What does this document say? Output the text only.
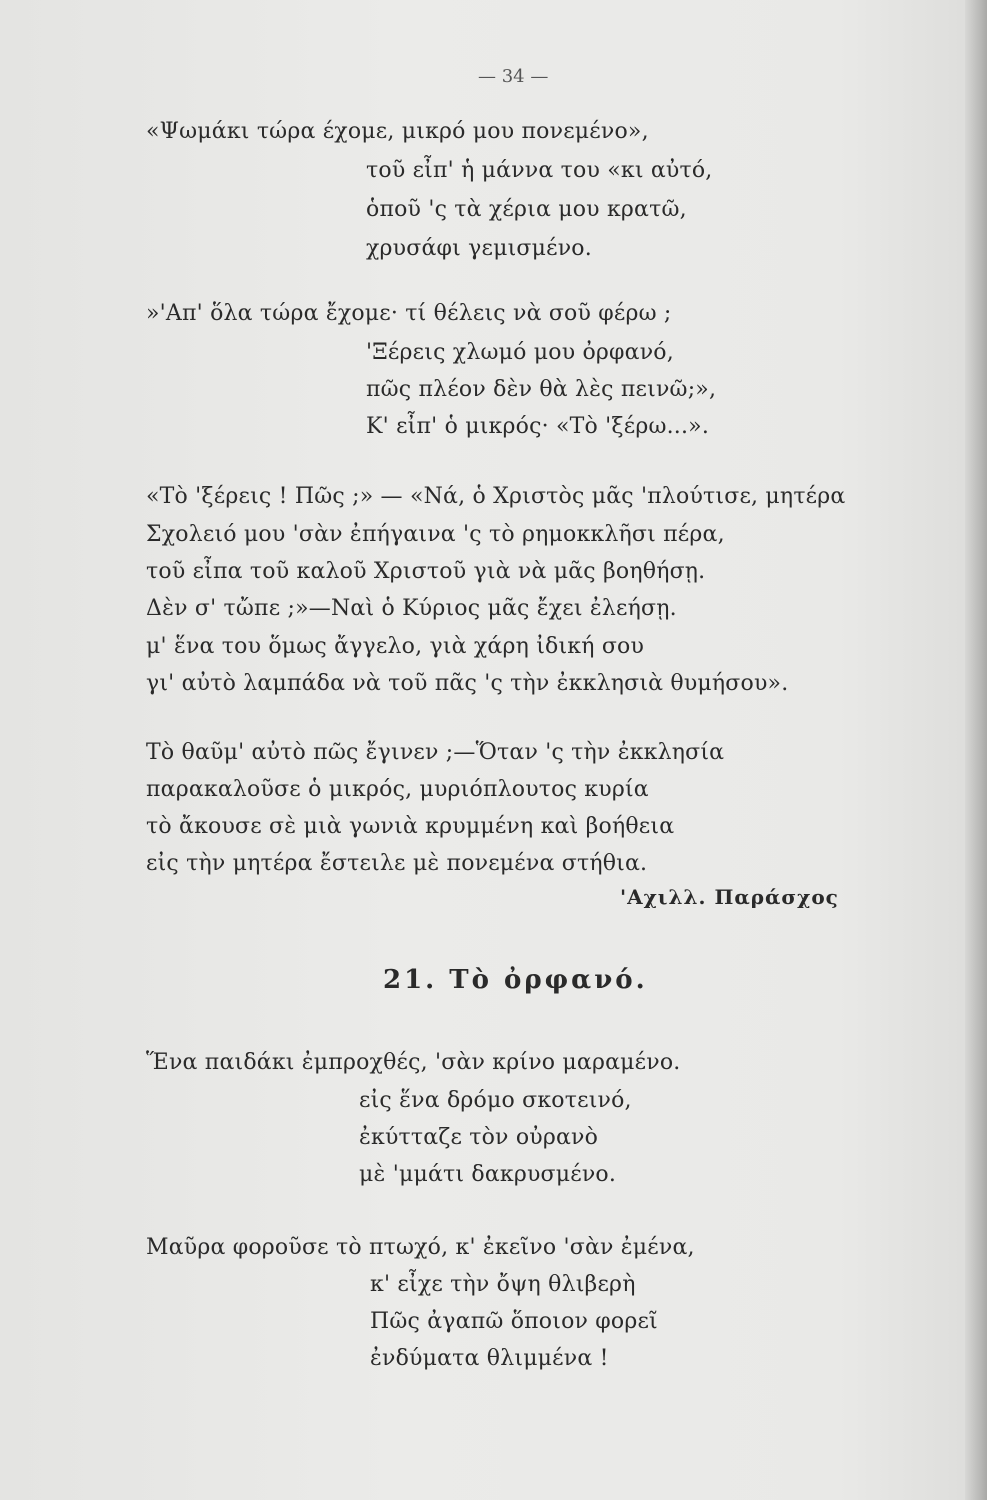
— 34 —
«Ψωμάκι τώρα έχομε, μικρό μου πονεμένο»,
τοῦ εἶπ' ἡ μάννα του «κι αὐτό,
ὁποῦ 'ς τὰ χέρια μου κρατῶ,
χρυσάφι γεμισμένο.
»'Απ' ὅλα τώρα ἔχομε· τί θέλεις νὰ σοῦ φέρω ;
'Ξέρεις χλωμό μου ὀρφανό,
πῶς πλέον δὲν θὰ λὲς πεινῶ;»,
Κ' εἶπ' ὁ μικρός· «Τὸ 'ξέρω...».
«Τὸ 'ξέρεις ! Πῶς ;» — «Νά, ὁ Χριστὸς μᾶς 'πλούτισε, μητέρα
Σχολειό μου 'σὰν ἐπήγαινα 'ς τὸ ρημοκκλῆσι πέρα,
τοῦ εἶπα τοῦ καλοῦ Χριστοῦ γιὰ νὰ μᾶς βοηθήσῃ.
Δὲν σ' τὤπε ;»—Ναὶ ὁ Κύριος μᾶς ἔχει ἐλεήσῃ.
μ' ἕνα του ὅμως ἄγγελο, γιὰ χάρη ἰδική σου
γι' αὐτὸ λαμπάδα νὰ τοῦ πᾶς 'ς τὴν ἐκκλησιὰ θυμήσου».
Τὸ θαῦμ' αὐτὸ πῶς ἔγινεν ;—Ὅταν 'ς τὴν ἐκκλησία
παρακαλοῦσε ὁ μικρός, μυριόπλουτος κυρία
τὸ ἄκουσε σὲ μιὰ γωνιὰ κρυμμένη καὶ βοήθεια
εἰς τὴν μητέρα ἔστειλε μὲ πονεμένα στήθια.
'Αχιλλ. Παράσχος
21. Τὸ ὀρφανό.
Ἕνα παιδάκι ἐμπροχθές, 'σὰν κρίνο μαραμένο.
εἰς ἕνα δρόμο σκοτεινό,
ἐκύτταζε τὸν οὐρανὸ
μὲ 'μμάτι δακρυσμένο.
Μαῦρα φοροῦσε τὸ πτωχό, κ' ἐκεῖνο 'σὰν ἐμένα,
κ' εἶχε τὴν ὄψη θλιβερὴ
Πῶς ἀγαπῶ ὅποιον φορεῖ
ἐνδύματα θλιμμένα !
